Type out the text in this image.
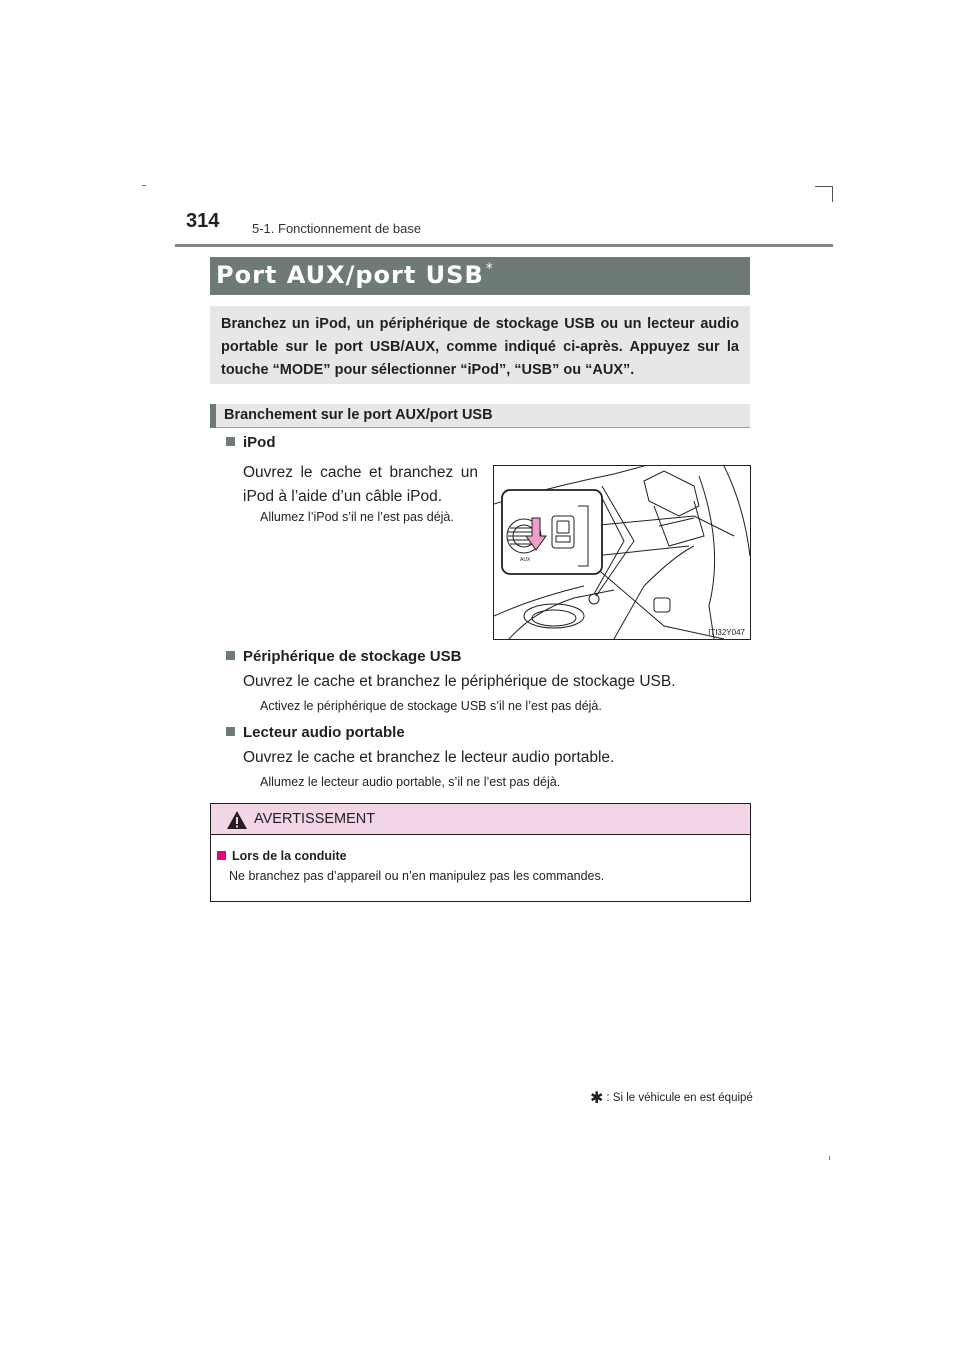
314	5-1. Fonctionnement de base
Port AUX/port USB *
Branchez un iPod, un périphérique de stockage USB ou un lecteur audio portable sur le port USB/AUX, comme indiqué ci-après. Appuyez sur la touche “MODE” pour sélectionner “iPod”, “USB” ou “AUX”.
Branchement sur le port AUX/port USB
iPod
Ouvrez le cache et branchez un iPod à l’aide d’un câble iPod.
Allumez l’iPod s’il ne l’est pas déjà.
AUX
ITI32Y047
Périphérique de stockage USB
Ouvrez le cache et branchez le périphérique de stockage USB.
Activez le périphérique de stockage USB s’il ne l’est pas déjà.
Lecteur audio portable
Ouvrez le cache et branchez le lecteur audio portable.
Allumez le lecteur audio portable, s’il ne l’est pas déjà.
AVERTISSEMENT
Lors de la conduite
Ne branchez pas d’appareil ou n’en manipulez pas les commandes.
✱ : Si le véhicule en est équipé
